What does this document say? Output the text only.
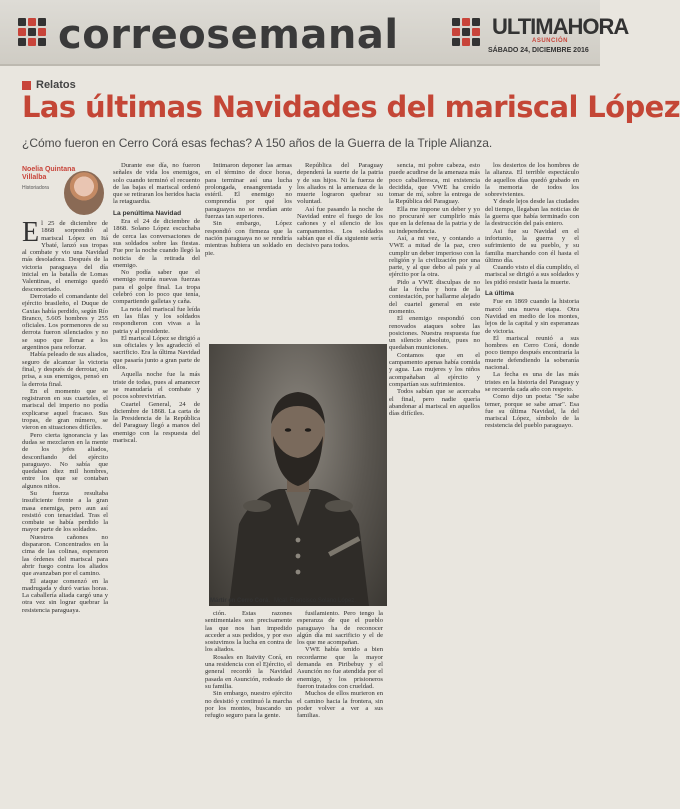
correosemanal	ULTIMAHORA
ASUNCIÓN
SÁBADO 24, DICIEMBRE 2016
Relatos
Las últimas Navidades del mariscal López
¿Cómo fueron en Cerro Corá esas fechas? A 150 años de la Guerra de la Triple Alianza.
Noelia Quintana Villalba
Historiadora

El 25 de diciembre de 1868 sorprendió al mariscal López en Itá Ybaté, lanzó sus tropas al combate y vio una Navidad más desoladora. Después de la victoria paraguaya del día inicial en la batalla de Lomas Valentinas, el enemigo quedó desconcertado.

Derrotado el comandante del ejército brasileño, el Duque de Caxias había perdido, según Río Branco, 5.605 hombres y 255 oficiales. Los pormenores de su derrota fueron silenciados y no se supo que llenar a los argentinos para reforzar.

Había peleado de sus aliados, seguro de alcanzar la victoria final, y después de derrotar, sin prisa, a sus enemigos, pensó en la derrota final.

En el momento que se registraron en sus cuarteles, el mariscal del imperio no podía explicarse aquel fracaso. Sus tropas, de gran número, se vieron en situaciones difíciles.

Pero cierta ignorancia y las dudas se mezclaron en la mente de los jefes aliados, desconfiando del ejército paraguayo. No sabía que quedaban diez mil hombres, entre los que se contaban algunos niños.

Su fuerza resultaba insuficiente frente a la gran masa enemiga, pero aun así resistió con tenacidad. Tras el combate se había perdido la mayor parte de los soldados.

Nuestros cañones no dispararon. Concentrados en la cima de las colinas, esperaron las órdenes del mariscal para abrir fuego contra los aliados que avanzaban por el camino.

El ataque comenzó en la madrugada y duró varias horas. La caballería aliada cargó una y otra vez sin lograr quebrar la resistencia paraguaya.

Durante ese día, no fueron señales de vida los enemigos, solo cuando terminó el recuento de las bajas el mariscal ordenó que se retiraran los heridos hacia la retaguardia.

La penúltima Navidad

Era el 24 de diciembre de 1868. Solano López escuchaba de cerca las conversaciones de sus soldados sobre las fiestas. Fue por la noche cuando llegó la noticia de la retirada del enemigo.

No podía saber que el enemigo reunía nuevas fuerzas para el golpe final. La tropa celebró con lo poco que tenía, compartiendo galletas y caña.

La nota del mariscal fue leída en las filas y los soldados respondieron con vivas a la patria y al presidente.

El mariscal López se dirigió a sus oficiales y les agradeció el sacrificio. Era la última Navidad que pasaría junto a gran parte de ellos.

Aquella noche fue la más triste de todas, pues al amanecer se reanudaría el combate y pocos sobrevivirían.

Cuartel General, 24 de diciembre de 1868. La carta de la Presidencia de la República del Paraguay llegó a manos del enemigo con la respuesta del mariscal.

Intimaron deponer las armas en el término de doce horas, para terminar así una lucha prolongada, ensangrentada y estéril. El enemigo no comprendía por qué los paraguayos no se rendían ante fuerzas tan superiores.

Sin embargo, López respondió con firmeza que la nación paraguaya no se rendiría mientras hubiera un soldado en pie.

República del Paraguay dependerá la suerte de la patria y de sus hijos. Ni la fuerza de los aliados ni la amenaza de la muerte lograron quebrar su voluntad.

Así fue pasando la noche de Navidad entre el fuego de los cañones y el silencio de los campamentos. Los soldados sabían que el día siguiente sería decisivo para todos.

sencia, mi pobre cabeza, esto puede acudirse de la amenaza más poco caballeresca, mi existencia decidida, que VWE ha creído tomar de mí, sobre la entrega de la República del Paraguay.

Ella me impone un deber y yo no procuraré ser cumplirlo más que en la defensa de la patria y de su independencia.

Así, a mi vez, y contando a VWE a mitad de la paz, creo cumplir un deber imperioso con la religión y la civilización por una parte, y al que debo al país y al ejército por la otra.

Pido a VWE disculpas de no dar la fecha y hora de la contestación, por hallarme alejado del cuartel general en este momento.

El enemigo respondió con renovados ataques sobre las posiciones. Nuestra respuesta fue un silencio absoluto, pues no quedaban municiones.

Contamos que en el campamento apenas había comida y agua. Las mujeres y los niños acompañaban al ejército y compartían sus sufrimientos.

Todos sabían que se acercaba el final, pero nadie quería abandonar al mariscal en aquellos días difíciles.

los desiertos de los hombres de la alianza. El terrible espectáculo de aquellos días quedó grabado en la memoria de todos los sobrevivientes.

Y desde lejos desde las ciudades del tiempo, llegaban las noticias de la guerra que había terminado con la destrucción del país entero.

Asi fue su Navidad en el infortunio, la guerra y el sufrimiento de su pueblo, y su familia marchando con él hasta el último día.

Cuando visto el día cumplido, el mariscal se dirigió a sus soldados y les pidió resistir hasta la muerte.

La última

Fue en 1869 cuando la historia marcó una nueva etapa. Otra Navidad en medio de los montes, lejos de la capital y sin esperanzas de victoria.

El mariscal reunió a sus hombres en Cerro Corá, donde poco tiempo después encontraría la muerte defendiendo la soberanía nacional.

La fecha es una de las más tristes en la historia del Paraguay y se recuerda cada año con respeto.

Como dijo un poeta: "Se sabe temer, porque se sabe amar". Esa fue su última Navidad, la del mariscal López, símbolo de la resistencia del pueblo paraguayo.

ción. Estas razones sentimentales son precisamente las que nos han impedido acceder a sus pedidos, y por eso sostuvimos la lucha en contra de los aliados.

Rosales en Itaivity Corá, en una residencia con el Ejército, el general recordó la Navidad pasada en Asunción, rodeado de su familia.

Sin embargo, nuestro ejército no desistió y continuó la marcha por los montes, buscando un refugio seguro para la gente.

fusilamiento. Pero tengo la esperanza de que el pueblo paraguayo ha de reconocer algún día mi sacrificio y el de los que me acompañan.

VWE había tenido a bien recordarme que la mayor demanda en Piribebuy y el Asunción no fue atendida por el enemigo, y los prisioneros fueron tratados con crueldad.

Muchos de ellos murieron en el camino hacia la frontera, sin poder volver a ver a sus familias.

Mártir en Cerro Corá. Mcal. Francisco Solano López.
